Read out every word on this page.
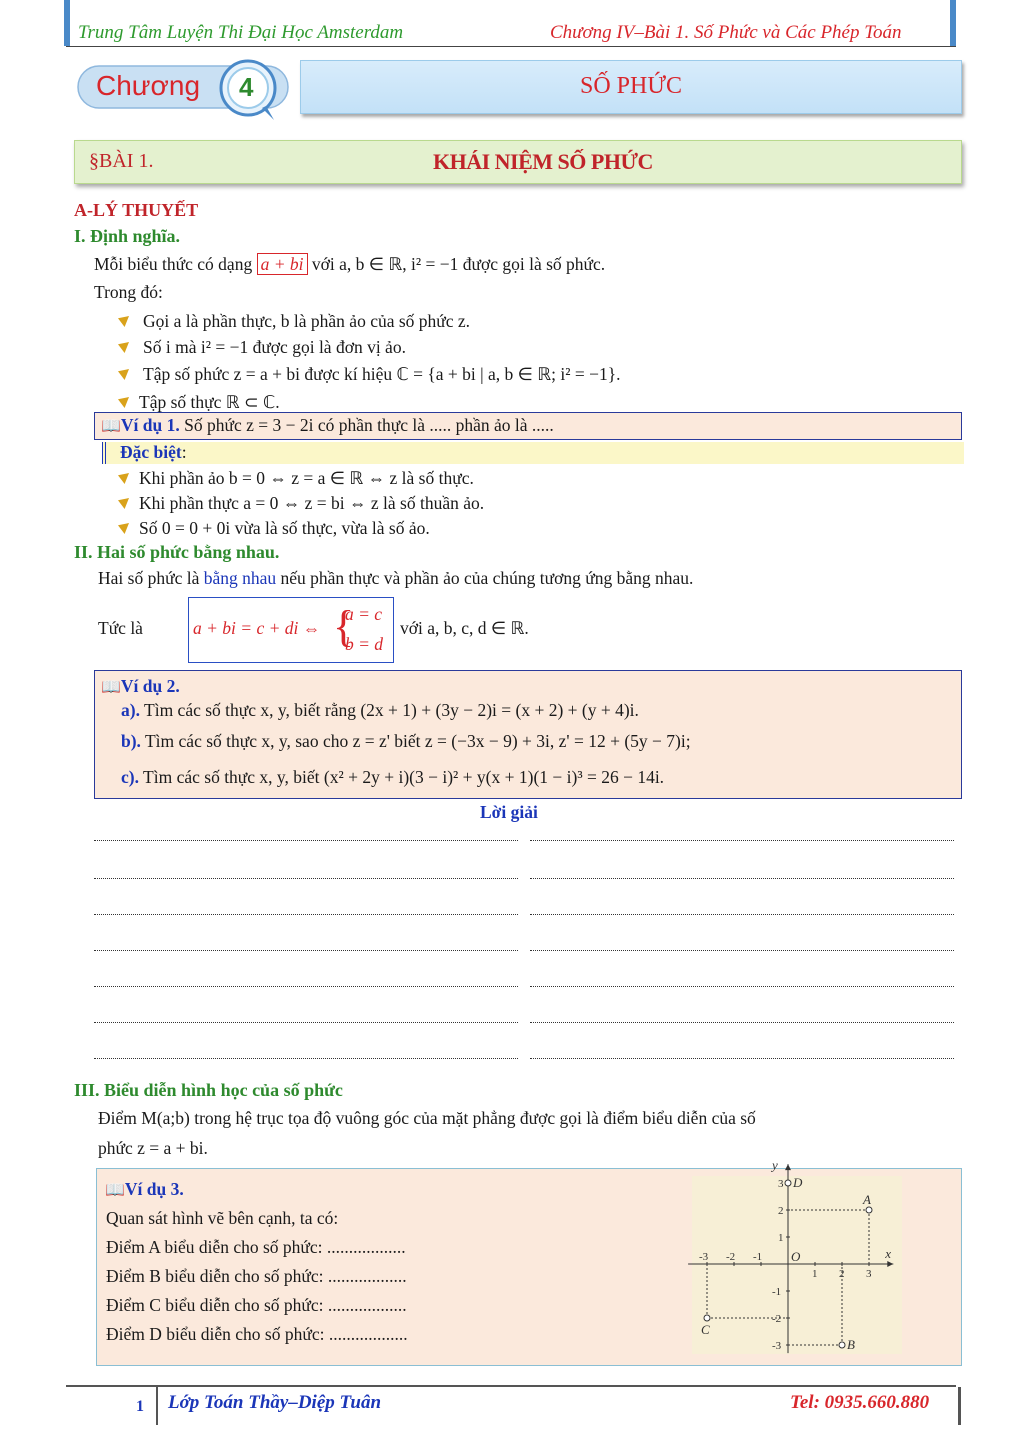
Trung Tâm Luyện Thi Đại Học Amsterdam	Chương IV–Bài 1. Số Phức và Các Phép Toán
Chương 4	SỐ PHỨC
§BÀI 1.	KHÁI NIỆM SỐ PHỨC
A-LÝ THUYẾT
I. Định nghĩa.
Mỗi biểu thức có dạng a + bi với a, b ∈ ℝ, i² = −1 được gọi là số phức.
Trong đó:
Gọi a là phần thực, b là phần ảo của số phức z.
Số i mà i² = −1 được gọi là đơn vị ảo.
Tập số phức z = a + bi được kí hiệu ℂ = {a + bi | a, b ∈ ℝ; i² = −1}.
Tập số thực ℝ ⊂ ℂ.
📖Ví dụ 1. Số phức z = 3 − 2i có phần thực là ..... phần ảo là .....
Đặc biệt:
Khi phần ảo b = 0 ⇔ z = a ∈ ℝ ⇔ z là số thực.
Khi phần thực a = 0 ⇔ z = bi ⇔ z là số thuần ảo.
Số 0 = 0 + 0i vừa là số thực, vừa là số ảo.
II. Hai số phức bằng nhau.
Hai số phức là bằng nhau nếu phần thực và phần ảo của chúng tương ứng bằng nhau.
Tức là	a + bi = c + di ⇔ {
a = c
b = d
với a, b, c, d ∈ ℝ.
📖Ví dụ 2.
a). Tìm các số thực x, y, biết rằng (2x + 1) + (3y − 2)i = (x + 2) + (y + 4)i.
b). Tìm các số thực x, y, sao cho z = z' biết z = (−3x − 9) + 3i, z' = 12 + (5y − 7)i;
c). Tìm các số thực x, y, biết (x² + 2y + i)(3 − i)² + y(x + 1)(1 − i)³ = 26 − 14i.
Lời giải
III. Biểu diễn hình học của số phức
Điểm M(a;b) trong hệ trục tọa độ vuông góc của mặt phẳng được gọi là điểm biểu diễn của số
phức z = a + bi.
📖Ví dụ 3.
Quan sát hình vẽ bên cạnh, ta có:
Điểm A biểu diễn cho số phức: ..................
Điểm B biểu diễn cho số phức: ..................
Điểm C biểu diễn cho số phức: ..................
Điểm D biểu diễn cho số phức: ..................
x
y
O
-3 -2 -1
1 2 3
3
2
1
-1
-2
-3
A
B
C
D
1 Lớp Toán Thầy–Diệp Tuân	Tel: 0935.660.880
